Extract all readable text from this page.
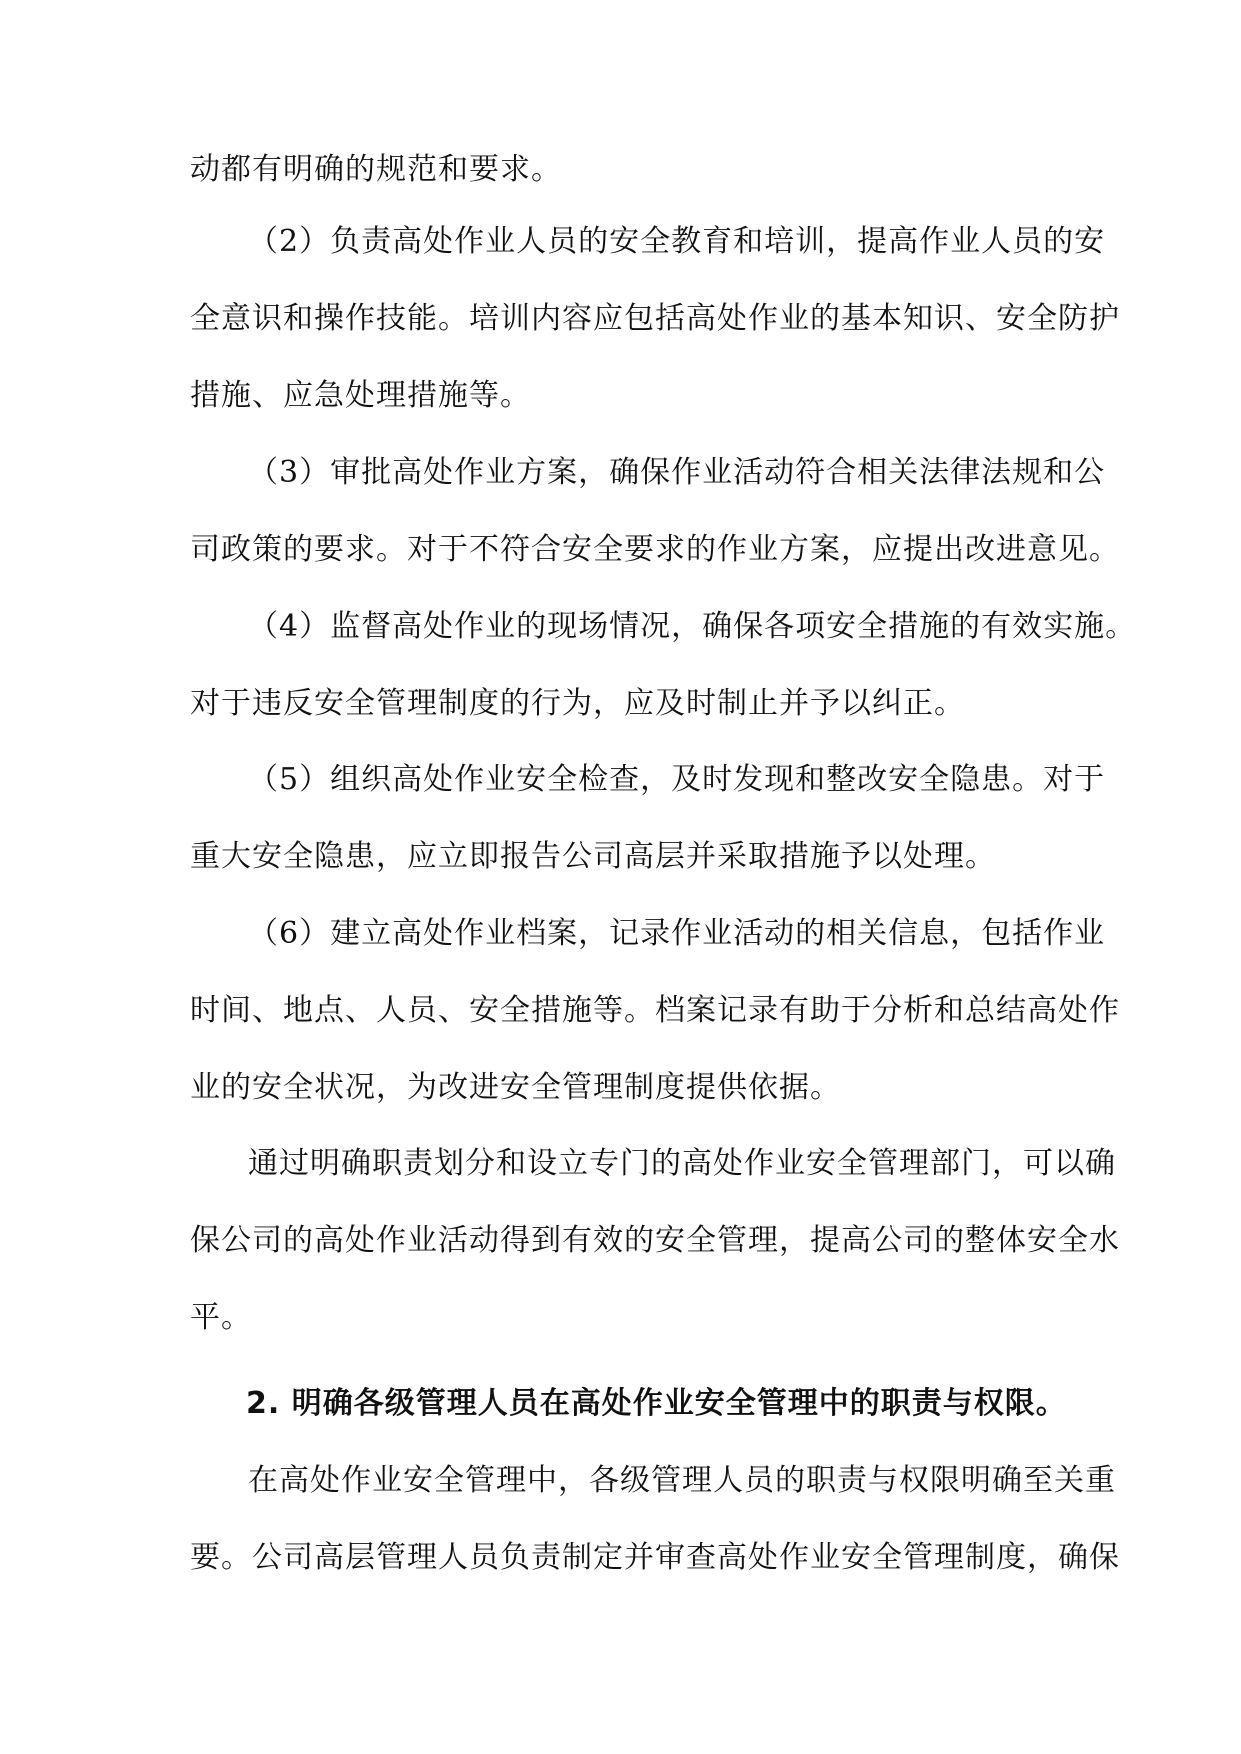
动都有明确的规范和要求。
（2）负责高处作业人员的安全教育和培训，提高作业人员的安
全意识和操作技能。培训内容应包括高处作业的基本知识、安全防护
措施、应急处理措施等。
（3）审批高处作业方案，确保作业活动符合相关法律法规和公
司政策的要求。对于不符合安全要求的作业方案，应提出改进意见。
（4）监督高处作业的现场情况，确保各项安全措施的有效实施。
对于违反安全管理制度的行为，应及时制止并予以纠正。
（5）组织高处作业安全检查，及时发现和整改安全隐患。对于
重大安全隐患，应立即报告公司高层并采取措施予以处理。
（6）建立高处作业档案，记录作业活动的相关信息，包括作业
时间、地点、人员、安全措施等。档案记录有助于分析和总结高处作
业的安全状况，为改进安全管理制度提供依据。
通过明确职责划分和设立专门的高处作业安全管理部门，可以确
保公司的高处作业活动得到有效的安全管理，提高公司的整体安全水
平。
2. 明确各级管理人员在高处作业安全管理中的职责与权限。
在高处作业安全管理中，各级管理人员的职责与权限明确至关重
要。公司高层管理人员负责制定并审查高处作业安全管理制度，确保
